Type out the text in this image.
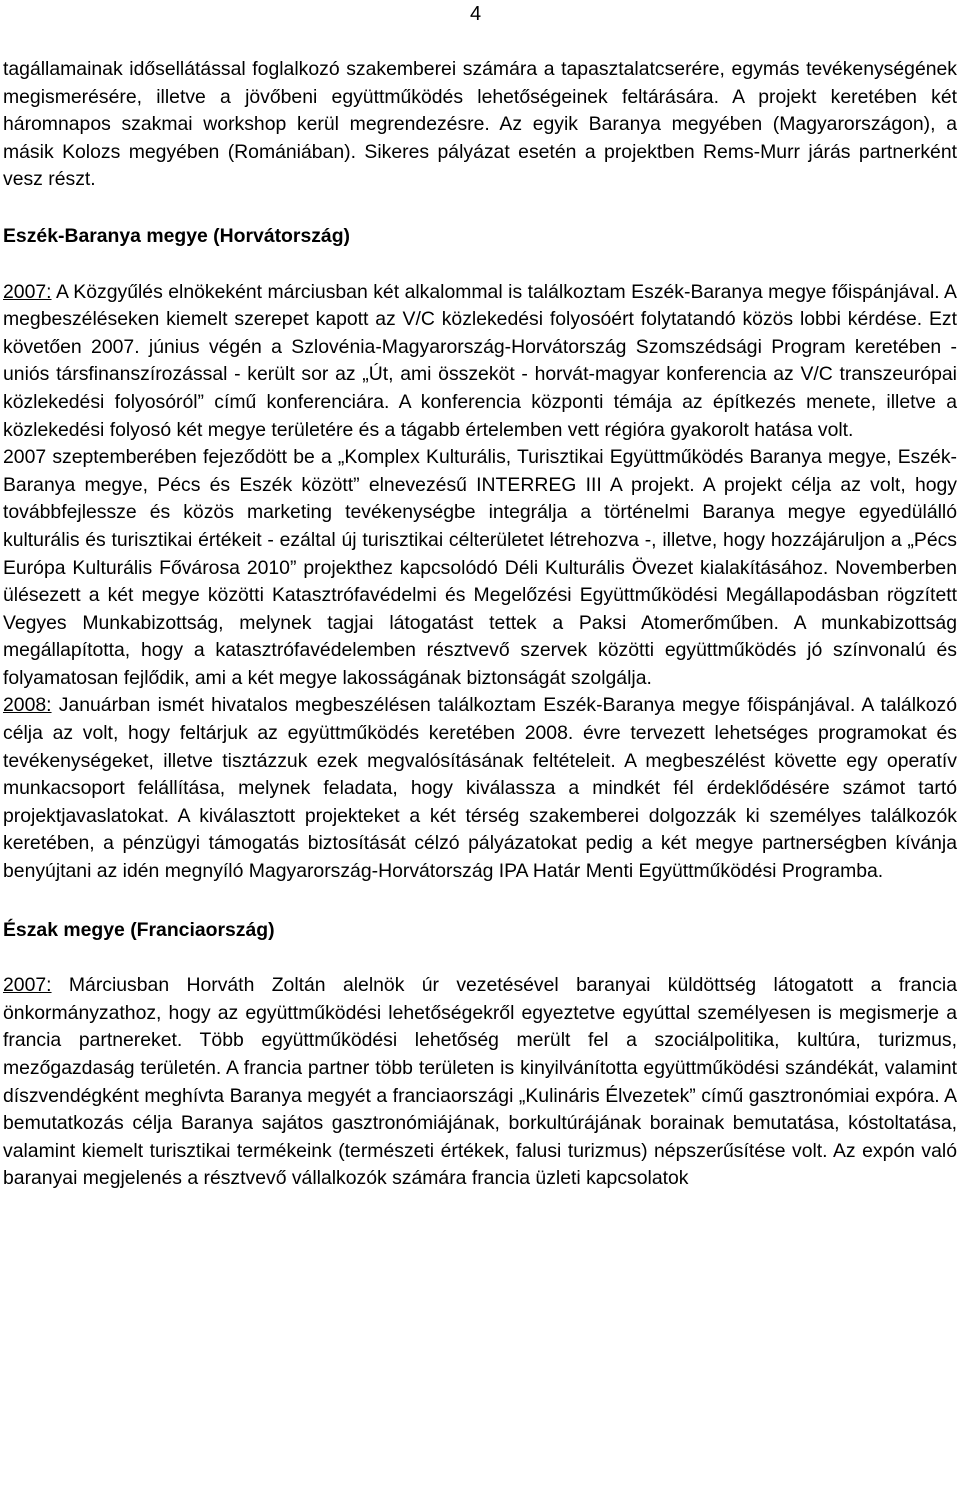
4

tagállamainak idősellátással foglalkozó szakemberei számára a tapasztalatcserére, egymás tevékenységének megismerésére, illetve a jövőbeni együttműködés lehetőségeinek feltárására. A projekt keretében két háromnapos szakmai workshop kerül megrendezésre. Az egyik Baranya megyében (Magyarországon), a másik Kolozs megyében (Romániában). Sikeres pályázat esetén a projektben Rems-Murr járás partnerként vesz részt.

Eszék-Baranya megye (Horvátország)

2007: A Közgyűlés elnökeként márciusban két alkalommal is találkoztam Eszék-Baranya megye főispánjával. A megbeszéléseken kiemelt szerepet kapott az V/C közlekedési folyosóért folytatandó közös lobbi kérdése. Ezt követően 2007. június végén a Szlovénia-Magyarország-Horvátország Szomszédsági Program keretében - uniós társfinanszírozással - került sor az „Út, ami összeköt - horvát-magyar konferencia az V/C transzeurópai közlekedési folyosóról” című konferenciára. A konferencia központi témája az építkezés menete, illetve a közlekedési folyosó két megye területére és a tágabb értelemben vett régióra gyakorolt hatása volt.

2007 szeptemberében fejeződött be a „Komplex Kulturális, Turisztikai Együttműködés Baranya megye, Eszék-Baranya megye, Pécs és Eszék között” elnevezésű INTERREG III A projekt. A projekt célja az volt, hogy továbbfejlessze és közös marketing tevékenységbe integrálja a történelmi Baranya megye egyedülálló kulturális és turisztikai értékeit - ezáltal új turisztikai célterületet létrehozva -, illetve, hogy hozzájáruljon a „Pécs Európa Kulturális Fővárosa 2010” projekthez kapcsolódó Déli Kulturális Övezet kialakításához. Novemberben ülésezett a két megye közötti Katasztrófavédelmi és Megelőzési Együttműködési Megállapodásban rögzített Vegyes Munkabizottság, melynek tagjai látogatást tettek a Paksi Atomerőműben. A munkabizottság megállapította, hogy a katasztrófavédelemben résztvevő szervek közötti együttműködés jó színvonalú és folyamatosan fejlődik, ami a két megye lakosságának biztonságát szolgálja.

2008: Januárban ismét hivatalos megbeszélésen találkoztam Eszék-Baranya megye főispánjával. A találkozó célja az volt, hogy feltárjuk az együttműködés keretében 2008. évre tervezett lehetséges programokat és tevékenységeket, illetve tisztázzuk ezek megvalósításának feltételeit. A megbeszélést követte egy operatív munkacsoport felállítása, melynek feladata, hogy kiválassza a mindkét fél érdeklődésére számot tartó projektjavaslatokat. A kiválasztott projekteket a két térség szakemberei dolgozzák ki személyes találkozók keretében, a pénzügyi támogatás biztosítását célzó pályázatokat pedig a két megye partnerségben kívánja benyújtani az idén megnyíló Magyarország-Horvátország IPA Határ Menti Együttműködési Programba.

Észak megye (Franciaország)

2007: Márciusban Horváth Zoltán alelnök úr vezetésével baranyai küldöttség látogatott a francia önkormányzathoz, hogy az együttműködési lehetőségekről egyeztetve egyúttal személyesen is megismerje a francia partnereket. Több együttműködési lehetőség merült fel a szociálpolitika, kultúra, turizmus, mezőgazdaság területén. A francia partner több területen is kinyilvánította együttműködési szándékát, valamint díszvendégként meghívta Baranya megyét a franciaországi „Kulináris Élvezetek” című gasztronómiai expóra. A bemutatkozás célja Baranya sajátos gasztronómiájának, borkultúrájának borainak bemutatása, kóstoltatása, valamint kiemelt turisztikai termékeink (természeti értékek, falusi turizmus) népszerűsítése volt. Az expón való baranyai megjelenés a résztvevő vállalkozók számára francia üzleti kapcsolatok
